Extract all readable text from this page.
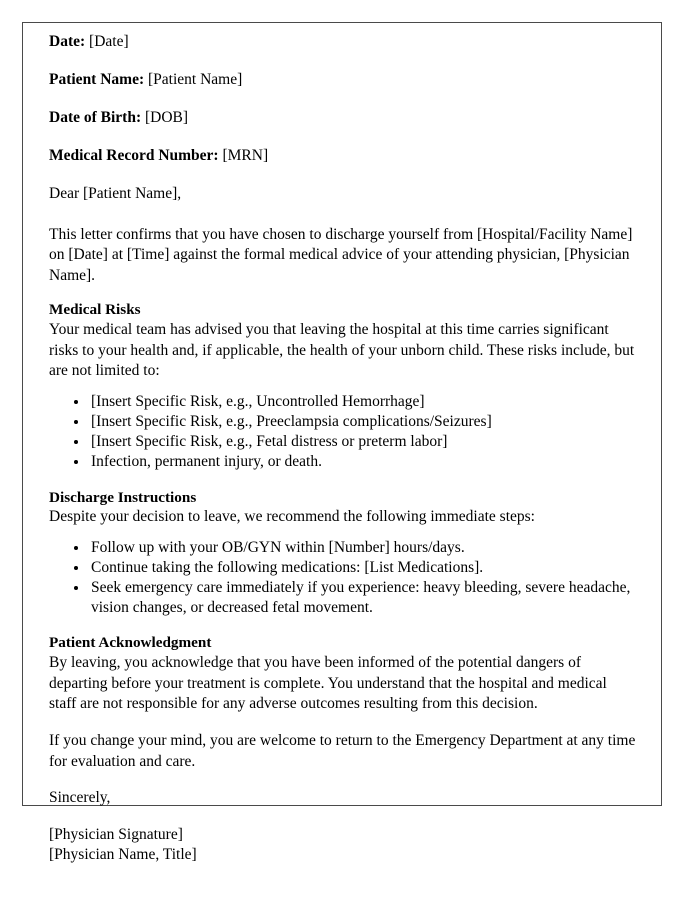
Date: [Date]

Patient Name: [Patient Name]

Date of Birth: [DOB]

Medical Record Number: [MRN]

Dear [Patient Name],

This letter confirms that you have chosen to discharge yourself from [Hospital/Facility Name] on [Date] at [Time] against the formal medical advice of your attending physician, [Physician Name].

Medical Risks

Your medical team has advised you that leaving the hospital at this time carries significant risks to your health and, if applicable, the health of your unborn child. These risks include, but are not limited to:

• [Insert Specific Risk, e.g., Uncontrolled Hemorrhage]
• [Insert Specific Risk, e.g., Preeclampsia complications/Seizures]
• [Insert Specific Risk, e.g., Fetal distress or preterm labor]
• Infection, permanent injury, or death.
Discharge Instructions

Despite your decision to leave, we recommend the following immediate steps:

• Follow up with your OB/GYN within [Number] hours/days.
• Continue taking the following medications: [List Medications].
• Seek emergency care immediately if you experience: heavy bleeding, severe headache, vision changes, or decreased fetal movement.
Patient Acknowledgment

By leaving, you acknowledge that you have been informed of the potential dangers of departing before your treatment is complete. You understand that the hospital and medical staff are not responsible for any adverse outcomes resulting from this decision.

If you change your mind, you are welcome to return to the Emergency Department at any time for evaluation and care.

Sincerely,

[Physician Signature]
[Physician Name, Title]
